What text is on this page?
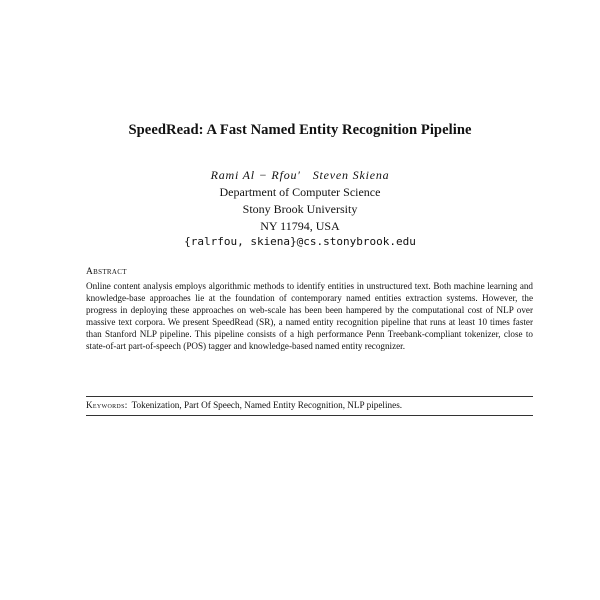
SpeedRead: A Fast Named Entity Recognition Pipeline
Rami Al − Rfou′ Steven Skiena
Department of Computer Science
Stony Brook University
NY 11794, USA
{ralrfou, skiena}@cs.stonybrook.edu
Abstract
Online content analysis employs algorithmic methods to identify entities in unstructured text. Both machine learning and knowledge-base approaches lie at the foundation of contemporary named entities extraction systems. However, the progress in deploying these approaches on web-scale has been been hampered by the computational cost of NLP over massive text corpora. We present SpeedRead (SR), a named entity recognition pipeline that runs at least 10 times faster than Stanford NLP pipeline. This pipeline consists of a high performance Penn Treebank-compliant tokenizer, close to state-of-art part-of-speech (POS) tagger and knowledge-based named entity recognizer.
Keywords: Tokenization, Part Of Speech, Named Entity Recognition, NLP pipelines.
